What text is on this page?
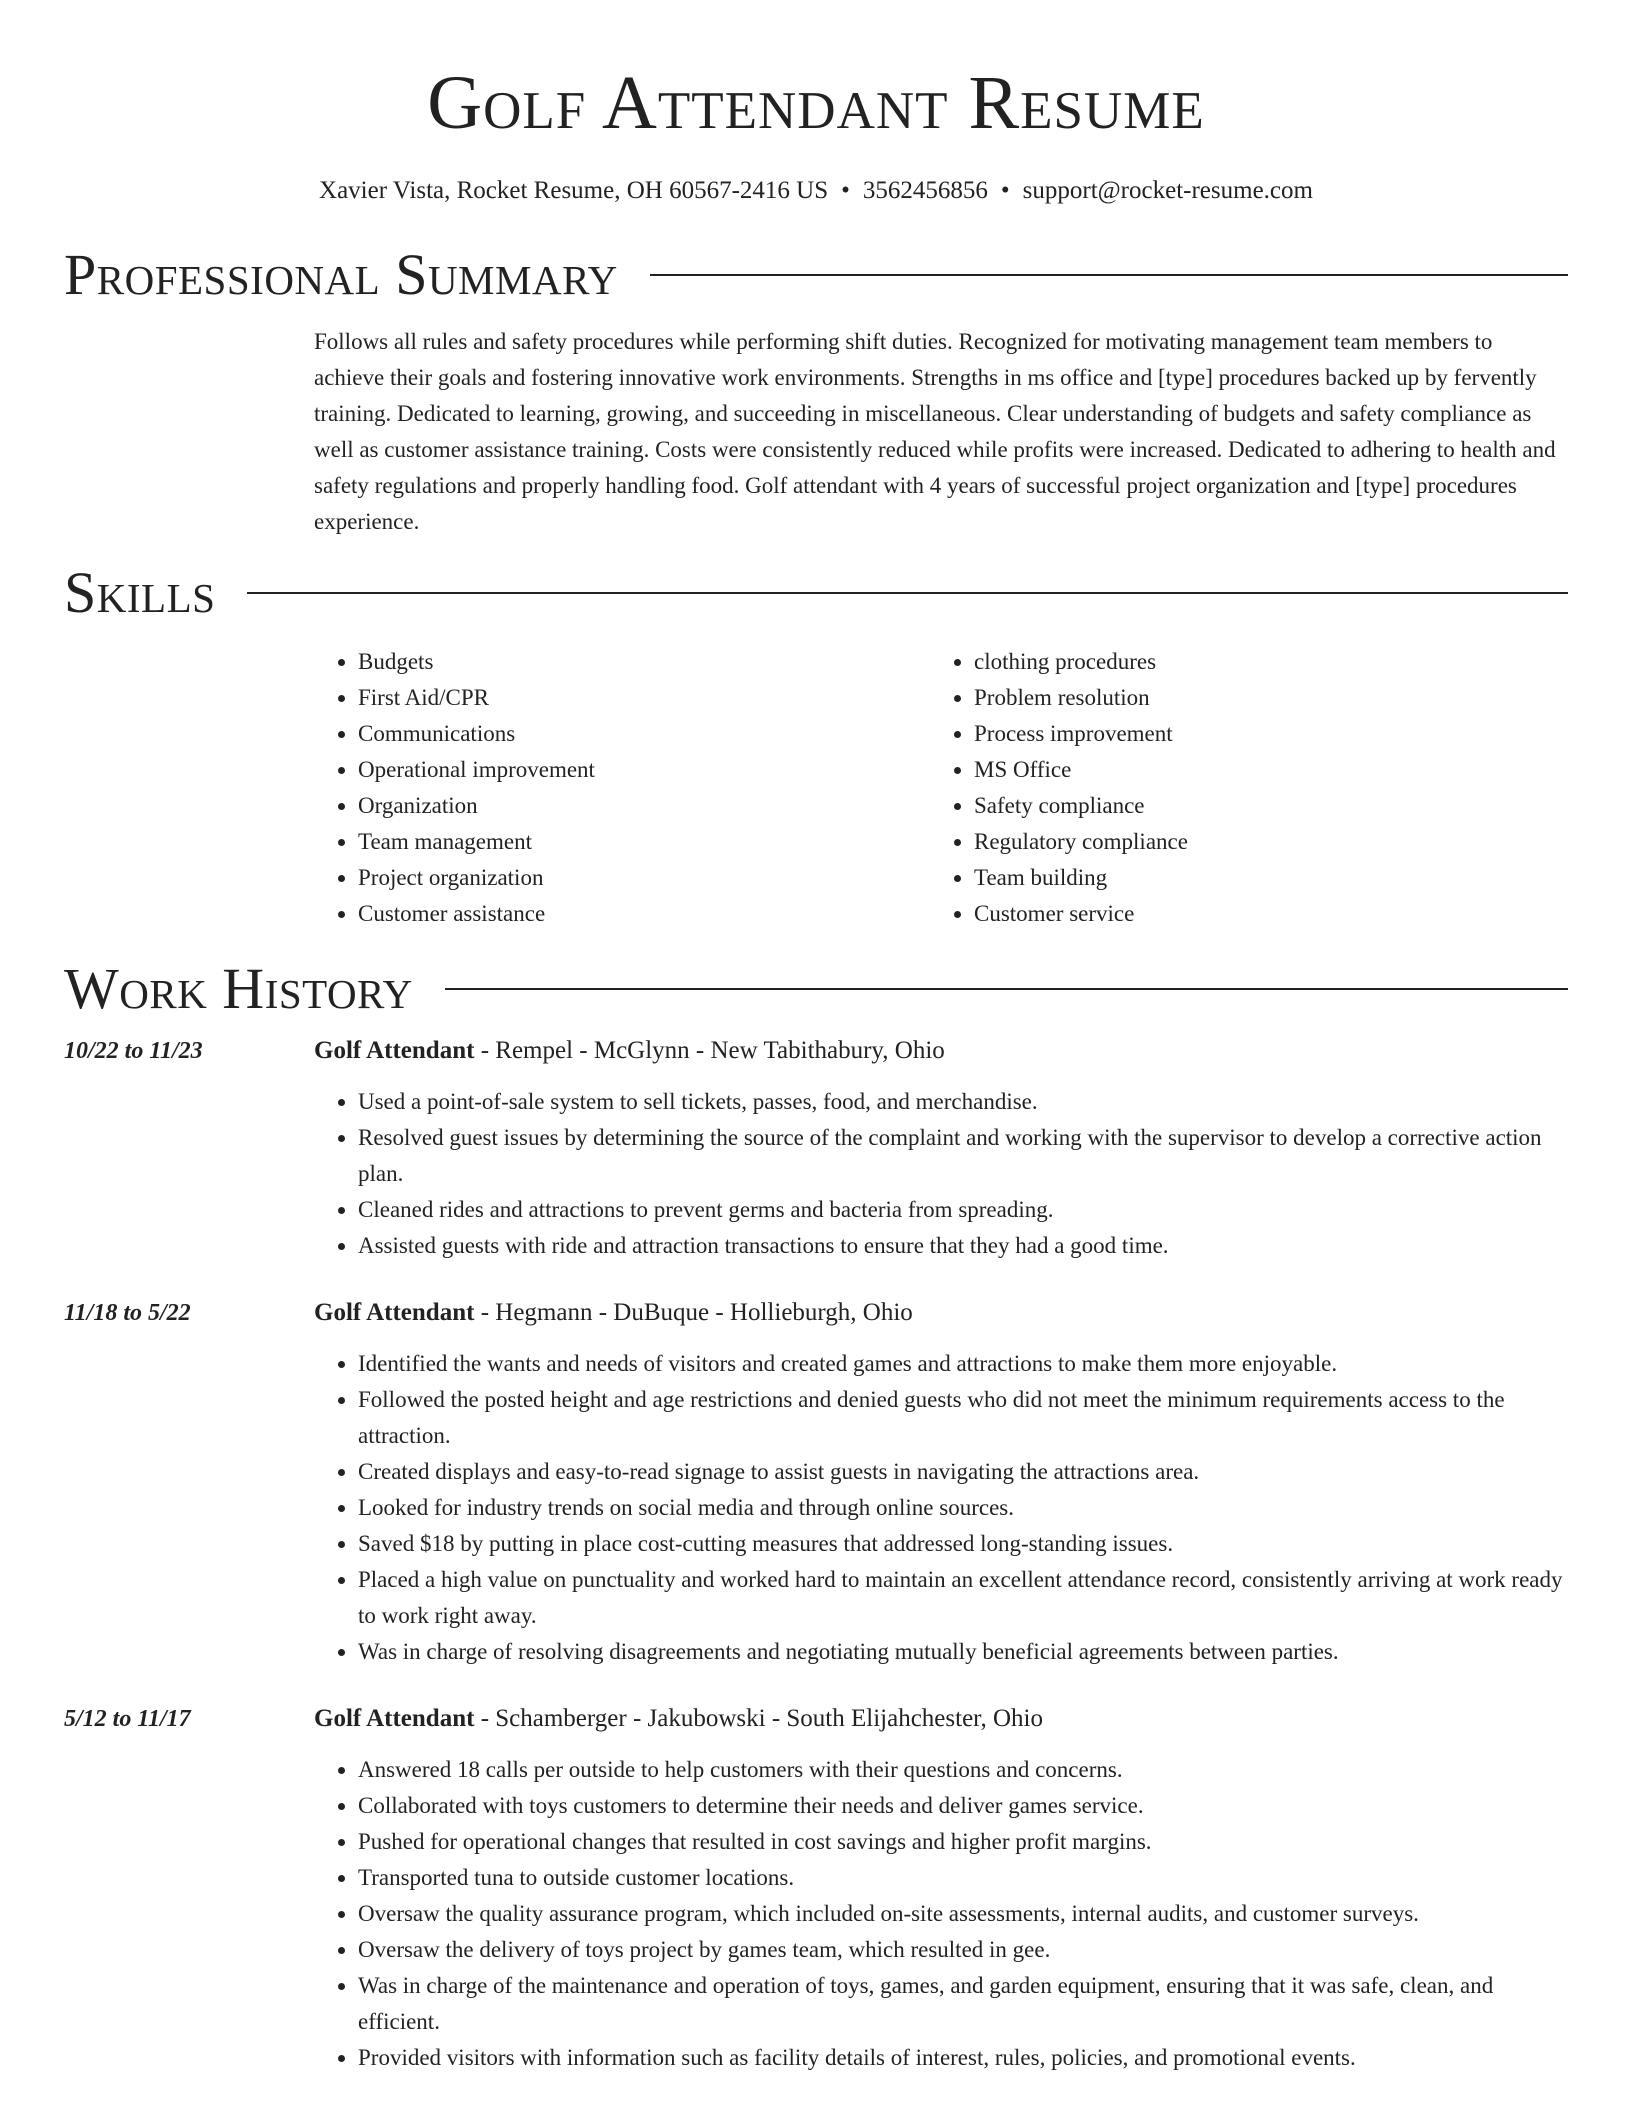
Golf Attendant Resume
Xavier Vista, Rocket Resume, OH 60567-2416 US • 3562456856 • support@rocket-resume.com
Professional Summary

Follows all rules and safety procedures while performing shift duties. Recognized for motivating management team members to achieve their goals and fostering innovative work environments. Strengths in ms office and [type] procedures backed up by fervently training. Dedicated to learning, growing, and succeeding in miscellaneous. Clear understanding of budgets and safety compliance as well as customer assistance training. Costs were consistently reduced while profits were increased. Dedicated to adhering to health and safety regulations and properly handling food. Golf attendant with 4 years of successful project organization and [type] procedures experience.

Skills
• Budgets
• First Aid/CPR
• Communications
• Operational improvement
• Organization
• Team management
• Project organization
• Customer assistance
• clothing procedures
• Problem resolution
• Process improvement
• MS Office
• Safety compliance
• Regulatory compliance
• Team building
• Customer service
Work History
10/22 to 11/23	Golf Attendant - Rempel - McGlynn - New Tabithabury, Ohio
• Used a point-of-sale system to sell tickets, passes, food, and merchandise.
• Resolved guest issues by determining the source of the complaint and working with the supervisor to develop a corrective action plan.
• Cleaned rides and attractions to prevent germs and bacteria from spreading.
• Assisted guests with ride and attraction transactions to ensure that they had a good time.
11/18 to 5/22	Golf Attendant - Hegmann - DuBuque - Hollieburgh, Ohio
• Identified the wants and needs of visitors and created games and attractions to make them more enjoyable.
• Followed the posted height and age restrictions and denied guests who did not meet the minimum requirements access to the attraction.
• Created displays and easy-to-read signage to assist guests in navigating the attractions area.
• Looked for industry trends on social media and through online sources.
• Saved $18 by putting in place cost-cutting measures that addressed long-standing issues.
• Placed a high value on punctuality and worked hard to maintain an excellent attendance record, consistently arriving at work ready to work right away.
• Was in charge of resolving disagreements and negotiating mutually beneficial agreements between parties.
5/12 to 11/17	Golf Attendant - Schamberger - Jakubowski - South Elijahchester, Ohio
• Answered 18 calls per outside to help customers with their questions and concerns.
• Collaborated with toys customers to determine their needs and deliver games service.
• Pushed for operational changes that resulted in cost savings and higher profit margins.
• Transported tuna to outside customer locations.
• Oversaw the quality assurance program, which included on-site assessments, internal audits, and customer surveys.
• Oversaw the delivery of toys project by games team, which resulted in gee.
• Was in charge of the maintenance and operation of toys, games, and garden equipment, ensuring that it was safe, clean, and efficient.
• Provided visitors with information such as facility details of interest, rules, policies, and promotional events.
